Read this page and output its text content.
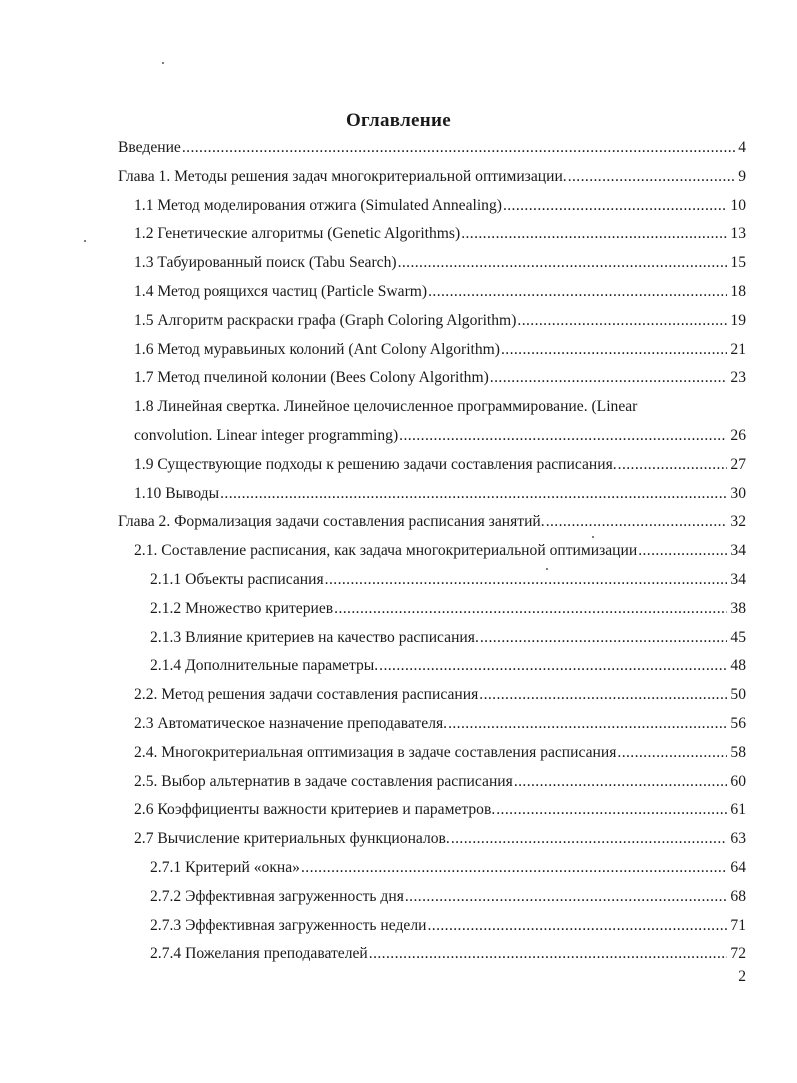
Оглавление
Введение .....	4
Глава 1. Методы решения задач многокритериальной оптимизации. .....	9
1.1 Метод моделирования отжига (Simulated Annealing) .....	10
1.2 Генетические алгоритмы (Genetic Algorithms) .....	13
1.3 Табуированный поиск (Tabu Search) .....	15
1.4 Метод роящихся частиц (Particle Swarm) .....	18
1.5 Алгоритм раскраски графа (Graph Coloring Algorithm) .....	19
1.6 Метод муравьиных колоний (Ant Colony Algorithm) .....	21
1.7 Метод пчелиной колонии (Bees Colony Algorithm) .....	23
1.8 Линейная свертка. Линейное целочисленное программирование. (Linear
convolution. Linear integer programming) .....	26
1.9 Существующие подходы к решению задачи составления расписания. .....	27
1.10 Выводы .....	30
Глава 2. Формализация задачи составления расписания занятий. .....	32
2.1. Составление расписания, как задача многокритериальной оптимизации .....	34
2.1.1 Объекты расписания .....	34
2.1.2 Множество критериев .....	38
2.1.3 Влияние критериев на качество расписания. .....	45
2.1.4 Дополнительные параметры. .....	48
2.2. Метод решения задачи составления расписания .....	50
2.3 Автоматическое назначение преподавателя. .....	56
2.4. Многокритериальная оптимизация в задаче составления расписания .....	58
2.5. Выбор альтернатив в задаче составления расписания .....	60
2.6 Коэффициенты важности критериев и параметров. .....	61
2.7 Вычисление критериальных функционалов. .....	63
2.7.1 Критерий «окна» .....	64
2.7.2 Эффективная загруженность дня .....	68
2.7.3 Эффективная загруженность недели .....	71
2.7.4 Пожелания преподавателей .....	72
2
